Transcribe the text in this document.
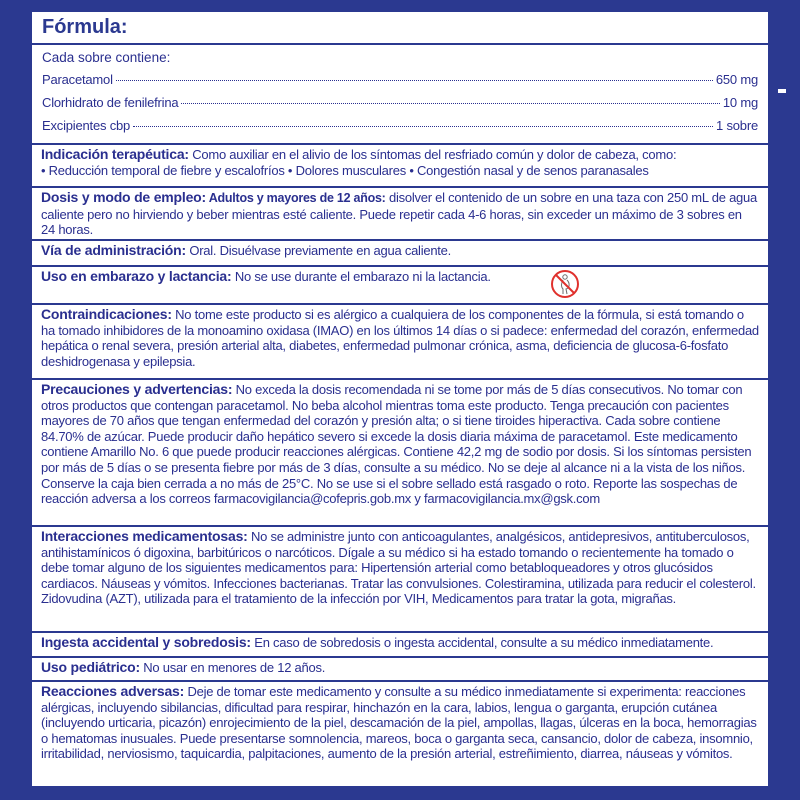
Fórmula:
Cada sobre contiene:
Paracetamol	650 mg
Clorhidrato de fenilefrina	10 mg
Excipientes cbp	1 sobre
Indicación terapéutica: Como auxiliar en el alivio de los síntomas del resfriado común y dolor de cabeza, como:
• Reducción temporal de fiebre y escalofríos • Dolores musculares • Congestión nasal y de senos paranasales
Dosis y modo de empleo: Adultos y mayores de 12 años: disolver el contenido de un sobre en una taza con 250 mL de agua caliente pero no hirviendo y beber mientras esté caliente. Puede repetir cada 4-6 horas, sin exceder un máximo de 3 sobres en 24 horas.
Vía de administración: Oral. Disuélvase previamente en agua caliente.
Uso en embarazo y lactancia: No se use durante el embarazo ni la lactancia.
Contraindicaciones: No tome este producto si es alérgico a cualquiera de los componentes de la fórmula, si está tomando o ha tomado inhibidores de la monoamino oxidasa (IMAO) en los últimos 14 días o si padece: enfermedad del corazón, enfermedad hepática o renal severa, presión arterial alta, diabetes, enfermedad pulmonar crónica, asma, deficiencia de glucosa-6-fosfato deshidrogenasa y epilepsia.
Precauciones y advertencias: No exceda la dosis recomendada ni se tome por más de 5 días consecutivos. No tomar con otros productos que contengan paracetamol. No beba alcohol mientras toma este producto. Tenga precaución con pacientes mayores de 70 años que tengan enfermedad del corazón y presión alta; o si tiene tiroides hiperactiva. Cada sobre contiene 84.70% de azúcar. Puede producir daño hepático severo si excede la dosis diaria máxima de paracetamol. Este medicamento contiene Amarillo No. 6 que puede producir reacciones alérgicas. Contiene 42,2 mg de sodio por dosis. Si los síntomas persisten por más de 5 días o se presenta fiebre por más de 3 días, consulte a su médico. No se deje al alcance ni a la vista de los niños. Conserve la caja bien cerrada a no más de 25°C. No se use si el sobre sellado está rasgado o roto. Reporte las sospechas de reacción adversa a los correos farmacovigilancia@cofepris.gob.mx y farmacovigilancia.mx@gsk.com
Interacciones medicamentosas: No se administre junto con anticoagulantes, analgésicos, antidepresivos, antituberculosos, antihistamínicos ó digoxina, barbitúricos o narcóticos. Dígale a su médico si ha estado tomando o recientemente ha tomado o debe tomar alguno de los siguientes medicamentos para: Hipertensión arterial como betabloqueadores y otros glucósidos cardiacos. Náuseas y vómitos. Infecciones bacterianas. Tratar las convulsiones. Colestiramina, utilizada para reducir el colesterol. Zidovudina (AZT), utilizada para el tratamiento de la infección por VIH, Medicamentos para tratar la gota, migrañas.
Ingesta accidental y sobredosis: En caso de sobredosis o ingesta accidental, consulte a su médico inmediatamente.
Uso pediátrico: No usar en menores de 12 años.
Reacciones adversas: Deje de tomar este medicamento y consulte a su médico inmediatamente si experimenta: reacciones alérgicas, incluyendo sibilancias, dificultad para respirar, hinchazón en la cara, labios, lengua o garganta, erupción cutánea (incluyendo urticaria, picazón) enrojecimiento de la piel, descamación de la piel, ampollas, llagas, úlceras en la boca, hemorragias o hematomas inusuales. Puede presentarse somnolencia, mareos, boca o garganta seca, cansancio, dolor de cabeza, insomnio, irritabilidad, nerviosismo, taquicardia, palpitaciones, aumento de la presión arterial, estreñimiento, diarrea, náuseas y vómitos.
